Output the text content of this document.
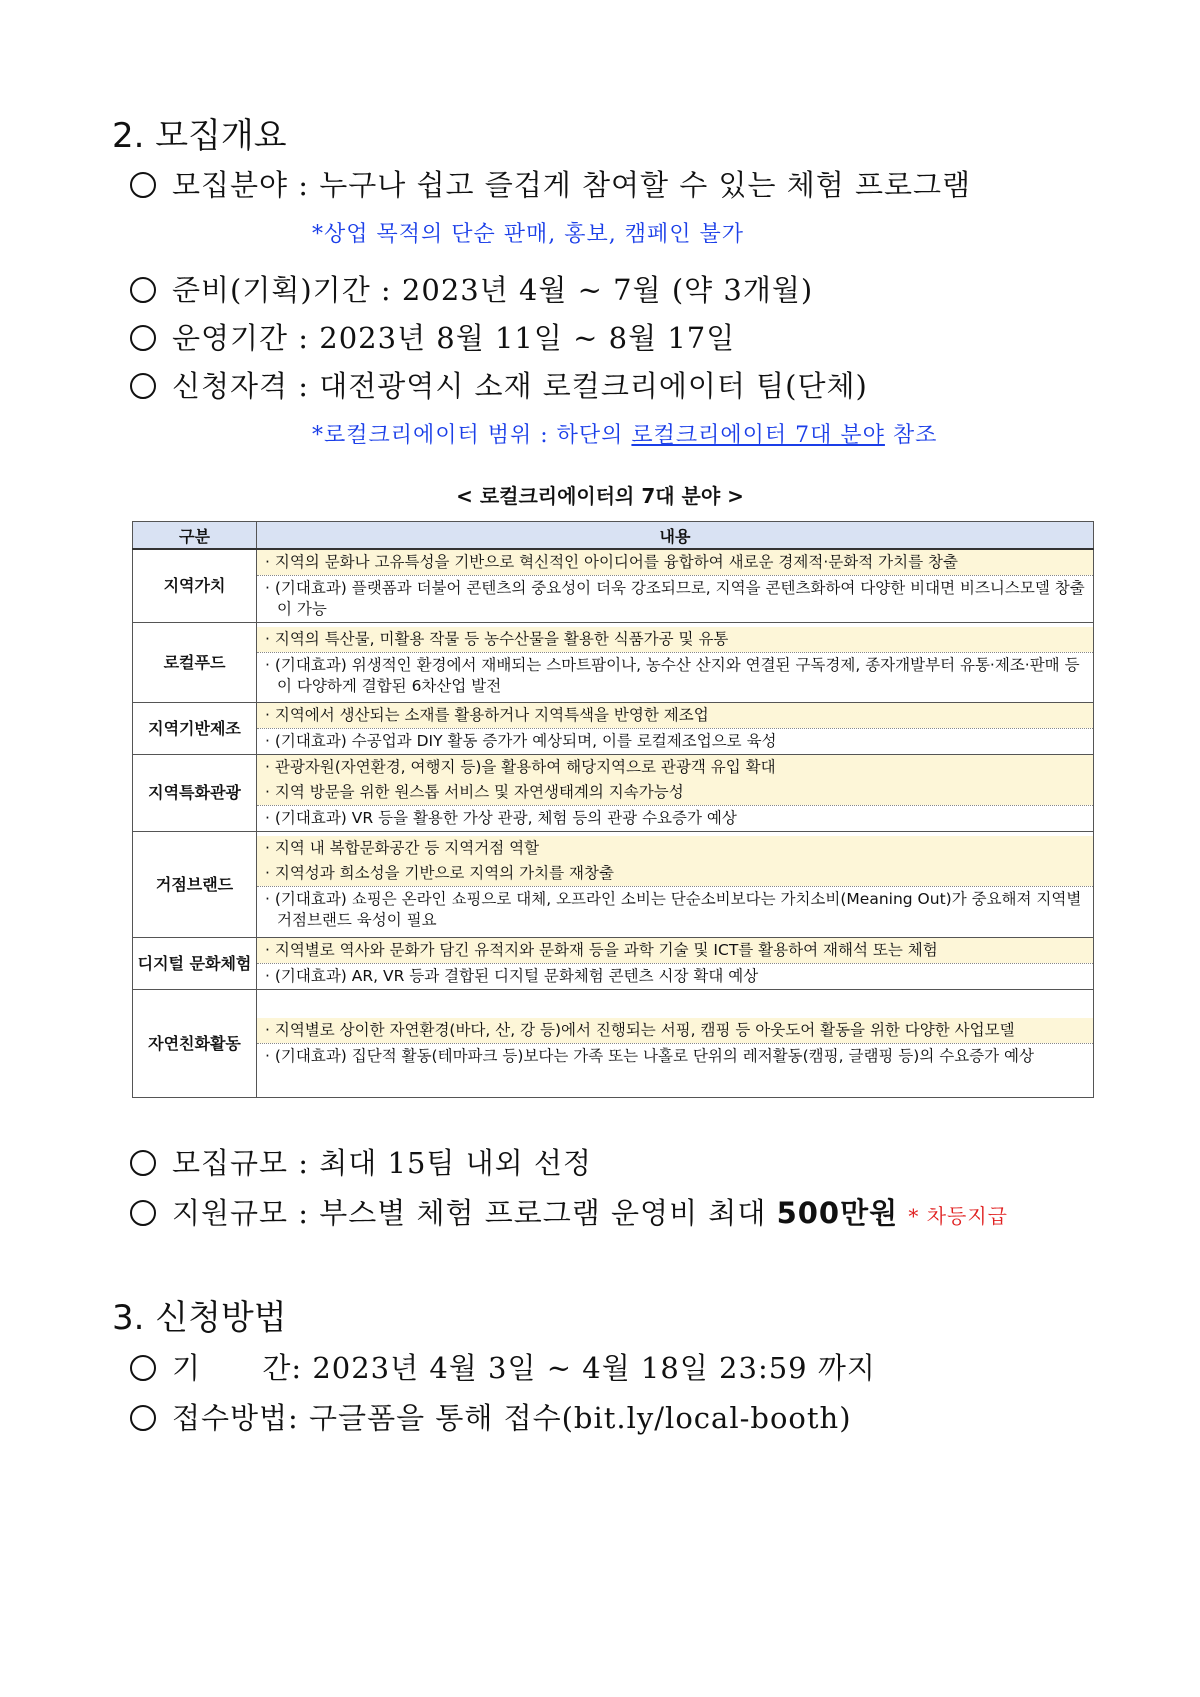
2. 모집개요
모집분야 : 누구나 쉽고 즐겁게 참여할 수 있는 체험 프로그램
*상업 목적의 단순 판매, 홍보, 캠페인 불가
준비(기획)기간 : 2023년 4월 ~ 7월 (약 3개월)
운영기간 : 2023년 8월 11일 ~ 8월 17일
신청자격 : 대전광역시 소재 로컬크리에이터 팀(단체)
*로컬크리에이터 범위 : 하단의 로컬크리에이터 7대 분야 참조
< 로컬크리에이터의 7대 분야 >
구분	내용
지역가치	· 지역의 문화나 고유특성을 기반으로 혁신적인 아이디어를 융합하여 새로운 경제적·문화적 가치를 창출
· (기대효과) 플랫폼과 더불어 콘텐츠의 중요성이 더욱 강조되므로, 지역을 콘텐츠화하여 다양한 비대면 비즈니스모델 창출이 가능

로컬푸드	· 지역의 특산물, 미활용 작물 등 농수산물을 활용한 식품가공 및 유통
· (기대효과) 위생적인 환경에서 재배되는 스마트팜이나, 농수산 산지와 연결된 구독경제, 종자개발부터 유통·제조·판매 등이 다양하게 결합된 6차산업 발전

지역기반제조	· 지역에서 생산되는 소재를 활용하거나 지역특색을 반영한 제조업
· (기대효과) 수공업과 DIY 활동 증가가 예상되며, 이를 로컬제조업으로 육성

지역특화관광	· 관광자원(자연환경, 여행지 등)을 활용하여 해당지역으로 관광객 유입 확대
· 지역 방문을 위한 원스톱 서비스 및 자연생태계의 지속가능성
· (기대효과) VR 등을 활용한 가상 관광, 체험 등의 관광 수요증가 예상

거점브랜드	· 지역 내 복합문화공간 등 지역거점 역할
· 지역성과 희소성을 기반으로 지역의 가치를 재창출
· (기대효과) 쇼핑은 온라인 쇼핑으로 대체, 오프라인 소비는 단순소비보다는 가치소비(Meaning Out)가 중요해져 지역별 거점브랜드 육성이 필요

디지털 문화체험	· 지역별로 역사와 문화가 담긴 유적지와 문화재 등을 과학 기술 및 ICT를 활용하여 재해석 또는 체험
· (기대효과) AR, VR 등과 결합된 디지털 문화체험 콘텐츠 시장 확대 예상

자연친화활동	· 지역별로 상이한 자연환경(바다, 산, 강 등)에서 진행되는 서핑, 캠핑 등 아웃도어 활동을 위한 다양한 사업모델
· (기대효과) 집단적 활동(테마파크 등)보다는 가족 또는 나홀로 단위의 레저활동(캠핑, 글램핑 등)의 수요증가 예상
모집규모 : 최대 15팀 내외 선정
지원규모 : 부스별 체험 프로그램 운영비 최대 500만원 * 차등지급
3. 신청방법
기      간: 2023년 4월 3일 ~ 4월 18일 23:59 까지
접수방법: 구글폼을 통해 접수(bit.ly/local-booth)
